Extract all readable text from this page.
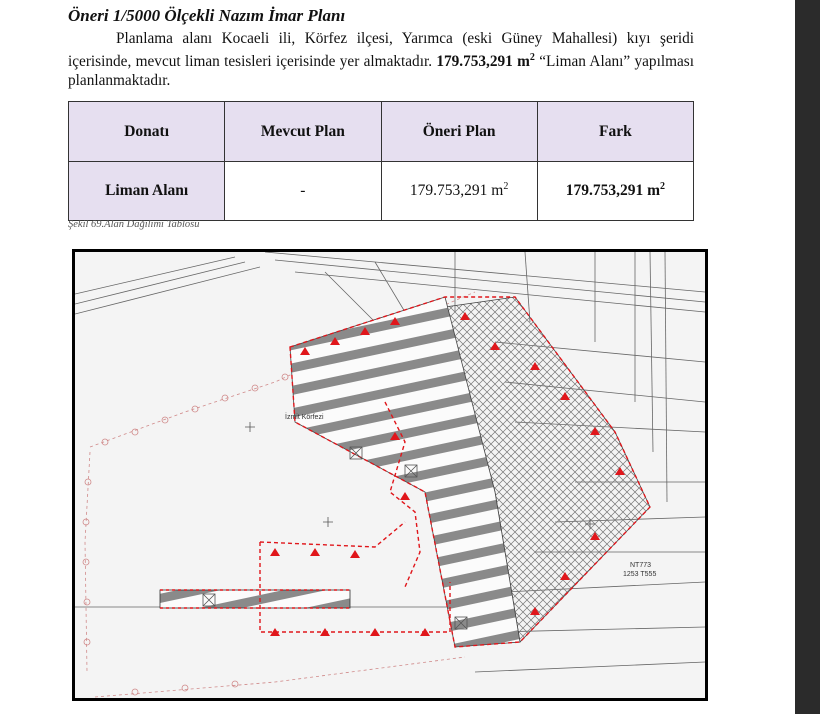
Öneri 1/5000 Ölçekli Nazım İmar Planı

Planlama alanı Kocaeli ili, Körfez ilçesi, Yarımca (eski Güney Mahallesi) kıyı şeridi içerisinde, mevcut liman tesisleri içerisinde yer almaktadır. 179.753,291 $m^2$ “Liman Alanı” yapılması planlanmaktadır.

Donatı	Mevcut Plan	Öneri Plan	Fark
Liman Alanı	-	179.753,291 $m^2$	179.753,291 $m^2$
Şekil 69.Alan Dağılımı Tablosu
İzmit Körfezi
NT773
1253 T555
